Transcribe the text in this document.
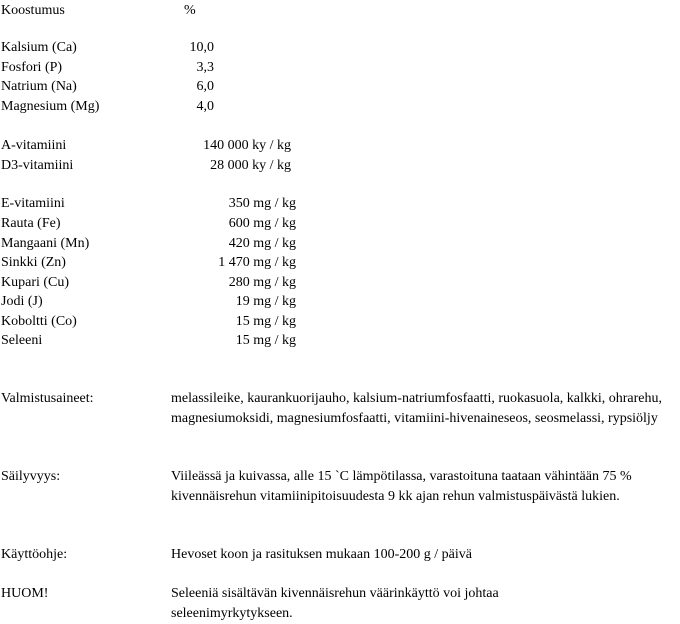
Koostumus	%
Kalsium (Ca)	10,0
Fosfori (P)	3,3
Natrium (Na)	6,0
Magnesium (Mg)	4,0
A-vitamiini	140 000 ky / kg
D3-vitamiini	28 000 ky / kg
E-vitamiini	350 mg / kg
Rauta (Fe)	600 mg / kg
Mangaani (Mn)	420 mg / kg
Sinkki (Zn)	1 470 mg / kg
Kupari (Cu)	280 mg / kg
Jodi (J)	19 mg / kg
Koboltti (Co)	15 mg / kg
Seleeni	15 mg / kg
Valmistusaineet:	melassileike, kaurankuorijauho, kalsium-natriumfosfaatti, ruokasuola, kalkki, ohrarehu, magnesiumoksidi, magnesiumfosfaatti, vitamiini-hivenaineseos, seosmelassi, rypsiöljy
Säilyvyys:	Viileässä ja kuivassa, alle 15 `C lämpötilassa, varastoituna taataan vähintään 75 % kivennäisrehun vitamiinipitoisuudesta 9 kk ajan rehun valmistuspäivästä lukien.
Käyttöohje:	Hevoset koon ja rasituksen mukaan 100-200 g / päivä
HUOM!	Seleeniä sisältävän kivennäisrehun väärinkäyttö voi johtaa seleenimyrkytykseen.
